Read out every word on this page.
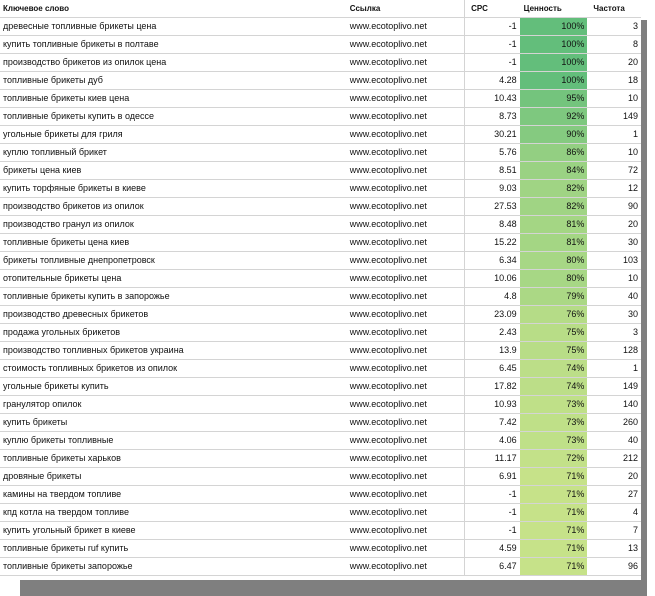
Ключевое слово	Ссылка	CPC	Ценность	Частота
древесные топливные брикеты цена	www.ecotoplivo.net	-1	100%	3
купить топливные брикеты в полтаве	www.ecotoplivo.net	-1	100%	8
производство брикетов из опилок цена	www.ecotoplivo.net	-1	100%	20
топливные брикеты дуб	www.ecotoplivo.net	4.28	100%	18
топливные брикеты киев цена	www.ecotoplivo.net	10.43	95%	10
топливные брикеты купить в одессе	www.ecotoplivo.net	8.73	92%	149
угольные брикеты для гриля	www.ecotoplivo.net	30.21	90%	1
куплю топливный брикет	www.ecotoplivo.net	5.76	86%	10
брикеты цена киев	www.ecotoplivo.net	8.51	84%	72
купить торфяные брикеты в киеве	www.ecotoplivo.net	9.03	82%	12
производство брикетов из опилок	www.ecotoplivo.net	27.53	82%	90
производство гранул из опилок	www.ecotoplivo.net	8.48	81%	20
топливные брикеты цена киев	www.ecotoplivo.net	15.22	81%	30
брикеты топливные днепропетровск	www.ecotoplivo.net	6.34	80%	103
отопительные брикеты цена	www.ecotoplivo.net	10.06	80%	10
топливные брикеты купить в запорожье	www.ecotoplivo.net	4.8	79%	40
производство древесных брикетов	www.ecotoplivo.net	23.09	76%	30
продажа угольных брикетов	www.ecotoplivo.net	2.43	75%	3
производство топливных брикетов украина	www.ecotoplivo.net	13.9	75%	128
стоимость топливных брикетов из опилок	www.ecotoplivo.net	6.45	74%	1
угольные брикеты купить	www.ecotoplivo.net	17.82	74%	149
гранулятор опилок	www.ecotoplivo.net	10.93	73%	140
купить брикеты	www.ecotoplivo.net	7.42	73%	260
куплю брикеты топливные	www.ecotoplivo.net	4.06	73%	40
топливные брикеты харьков	www.ecotoplivo.net	11.17	72%	212
дровяные брикеты	www.ecotoplivo.net	6.91	71%	20
камины на твердом топливе	www.ecotoplivo.net	-1	71%	27
кпд котла на твердом топливе	www.ecotoplivo.net	-1	71%	4
купить угольный брикет в киеве	www.ecotoplivo.net	-1	71%	7
топливные брикеты ruf купить	www.ecotoplivo.net	4.59	71%	13
топливные брикеты запорожье	www.ecotoplivo.net	6.47	71%	96
